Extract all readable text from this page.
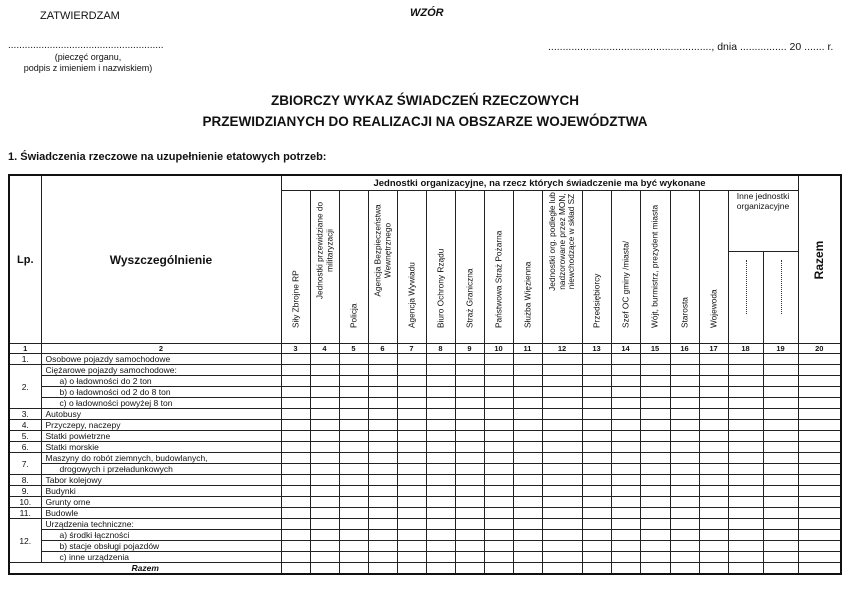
ZATWIERDZAM	WZÓR
........................................................
(pieczęć organu,
podpis z imieniem i nazwiskiem)
........................................................, dnia ................ 20 ....... r.
ZBIORCZY WYKAZ ŚWIADCZEŃ RZECZOWYCH
PRZEWIDZIANYCH DO REALIZACJI NA OBSZARZE WOJEWÓDZTWA
1. Świadczenia rzeczowe na uzupełnienie etatowych potrzeb:
Lp.	Wyszczególnienie	Jednostki organizacyjne, na rzecz których świadczenie ma być wykonane																	Razem

		Siły Zbrojne RP	Jednostki przewidziane do militaryzacji	Policja	Agencja Bezpieczeństwa Wewnętrznego	Agencja Wywiadu	Biuro Ochrony Rządu	Straż Graniczna	Państwowa Straż Pożarna	Służba Więzienna	Jednostki org. podległe lub nadzorowane przez MON, niewchodzące w skład SZ	Przedsiębiorcy	Szef OC gminy /miasta/	Wójt, burmistrz, prezydent miasta	Starosta	Wojewoda	Inne jednostki organizacyjne		

1	2	3	4	5	6	7	8	9	10	11	12	13	14	15	16	17	18	19	20
1.	Osobowe pojazdy samochodowe																		
2.	Ciężarowe pojazdy samochodowe:																		
	a) o ładowności do 2 ton																		
	b) o ładowności od 2 do 8 ton																		
	c) o ładowności powyżej 8 ton																		
3.	Autobusy																		
4.	Przyczepy, naczepy																		
5.	Statki powietrzne																		
6.	Statki morskie																		
7.	Maszyny do robót ziemnych, budowlanych,																		
	drogowych i przeładunkowych																		
8.	Tabor kolejowy																		
9.	Budynki																		
10.	Grunty orne																		
11.	Budowle																		
12.	Urządzenia techniczne:																		
	a) środki łączności																		
	b) stacje obsługi pojazdów																		
	c) inne urządzenia																		
Razem																			
